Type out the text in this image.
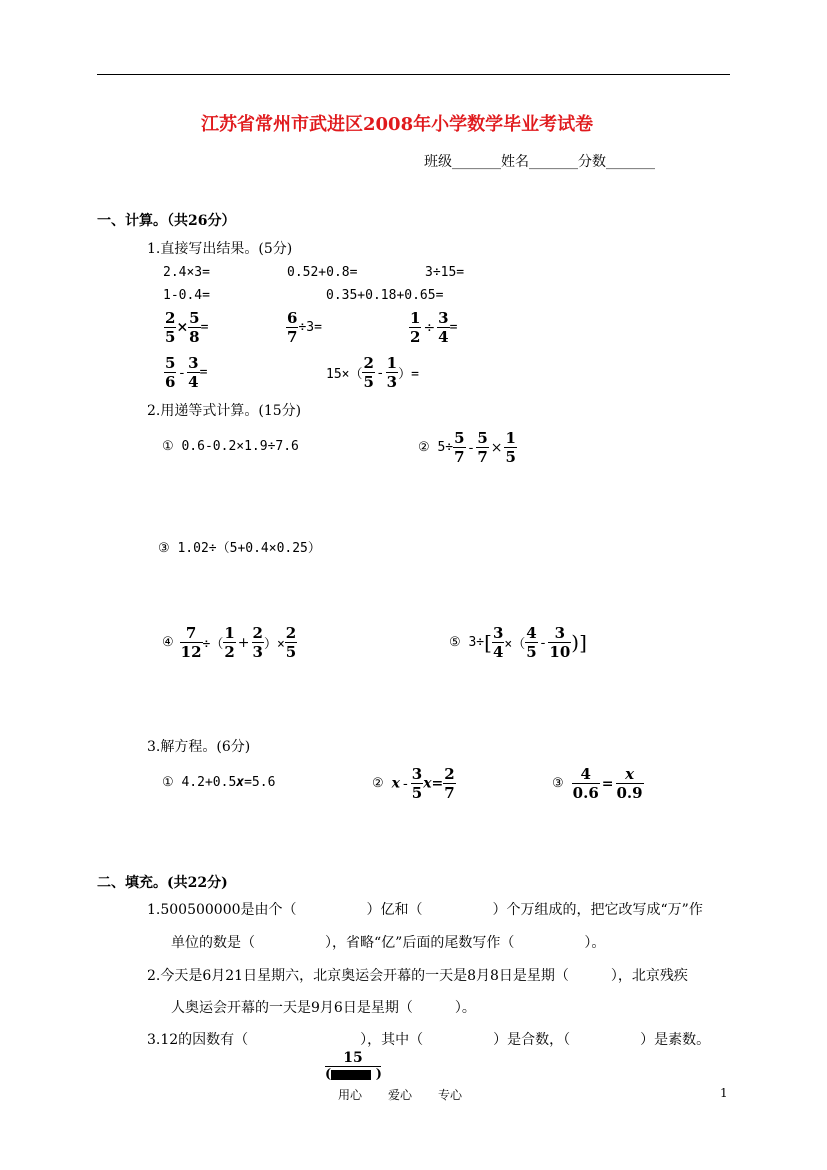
江苏省常州市武进区2008年小学数学毕业考试卷
班级_______姓名_______分数_______
一、计算。（共26分）
1.直接写出结果。(5分)
2.4×3=	0.52+0.8=	3÷15=
1-0.4=	0.35+0.18+0.65=
$\frac{2}{5} \times \frac{5}{8}$ =	$\frac{6}{7} \div 3=$	$\frac{1}{2} \div \frac{3}{4}$ =
$\frac{5}{6} - \frac{3}{4}$ =	$15\times( \frac{2}{5} - \frac{1}{3}$ ）=
2.用递等式计算。(15分)
① 0.6-0.2×1.9÷7.6	② $5\div \frac{5}{7} - \frac{5}{7} \times \frac{1}{5}$
③ 1.02÷（5+0.4×0.25）
④ $\frac{7}{12}$ ÷（ $\frac{1}{2} + \frac{2}{3}$ ）× $\frac{2}{5}$	⑤ $3\div[ \frac{3}{4}$ ×（ $\frac{4}{5} - \frac{3}{10}$ )]
3.解方程。(6分)
① 4.2+0.5x=5.6	② $x - \frac{3}{5} x= \frac{2}{7}$	③ $\frac{4}{0.6} = \frac{x}{0.9}$
二、填充。(共22分)
1.500500000是由个（　　　　　）亿和（　　　　　）个万组成的，把它改写成“万”作
单位的数是（　　　　　），省略“亿”后面的尾数写作（　　　　　）。
2.今天是6月21日星期六，北京奥运会开幕的一天是8月8日是星期（　　　），北京残疾
人奥运会开幕的一天是9月6日是星期（　　　）。
3.12的因数有（　　　　　　　　），其中（　　　　　）是合数，（　　　　　）是素数。
15
(	)
用心 爱心 专心	1
